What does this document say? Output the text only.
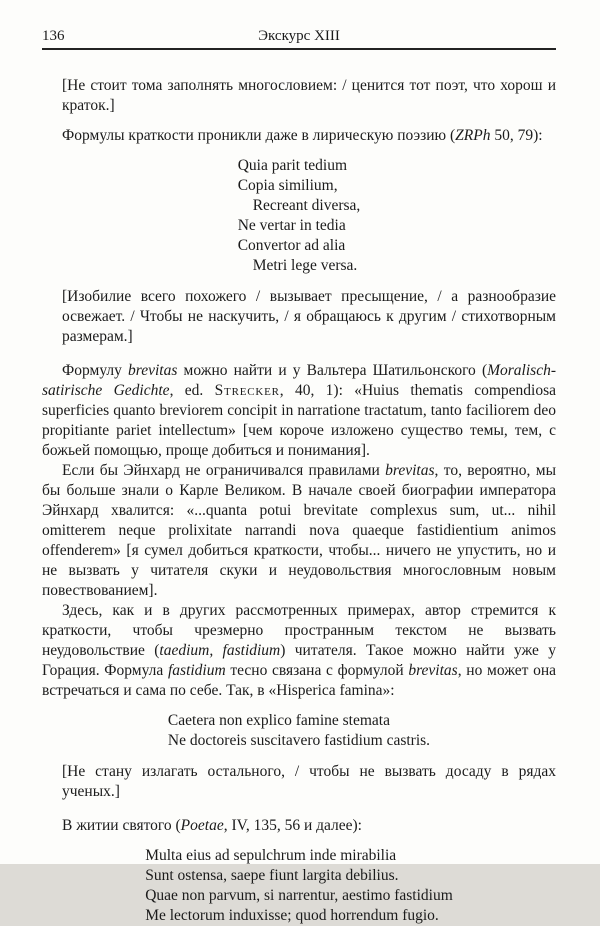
136	Экскурс XIII

[Не стоит тома заполнять многословием: / ценится тот поэт, что хорош и краток.]

Формулы краткости проникли даже в лирическую поэзию (ZRPh 50, 79):

Quia parit tedium
Copia similium,
Recreant diversa,
Ne vertar in tedia
Convertor ad alia
Metri lege versa.

[Изобилие всего похожего / вызывает пресыщение, / а разнообразие освежает. / Чтобы не наскучить, / я обращаюсь к другим / стихотворным размерам.]

Формулу brevitas можно найти и у Вальтера Шатильонского (Moralisch-satirische Gedichte, ed. Strecker, 40, 1): «Huius thematis compendiosa superficies quanto breviorem concipit in narratione tractatum, tanto faciliorem deo propitiante pariet intellectum» [чем короче изложено существо темы, тем, с божьей помощью, проще добиться и понимания].

Если бы Эйнхард не ограничивался правилами brevitas, то, вероятно, мы бы больше знали о Карле Великом. В начале своей биографии императора Эйнхард хвалится: «...quanta potui brevitate complexus sum, ut... nihil omitterem neque prolixitate narrandi nova quaeque fastidientium animos offenderem» [я сумел добиться краткости, чтобы... ничего не упустить, но и не вызвать у читателя скуки и неудовольствия многословным новым повествованием].

Здесь, как и в других рассмотренных примерах, автор стремится к краткости, чтобы чрезмерно пространным текстом не вызвать неудовольствие (taedium, fastidium) читателя. Такое можно найти уже у Горация. Формула fastidium тесно связана с формулой brevitas, но может она встречаться и сама по себе. Так, в «Hisperica famina»:

Caetera non explico famine stemata
Ne doctoreis suscitavero fastidium castris.

[Не стану излагать остального, / чтобы не вызвать досаду в рядах ученых.]

В житии святого (Poetae, IV, 135, 56 и далее):

Multa eius ad sepulchrum inde mirabilia
Sunt ostensa, saepe fiunt largita debilius.
Quae non parvum, si narrentur, aestimo fastidium
Me lectorum induxisse; quod horrendum fugio.
